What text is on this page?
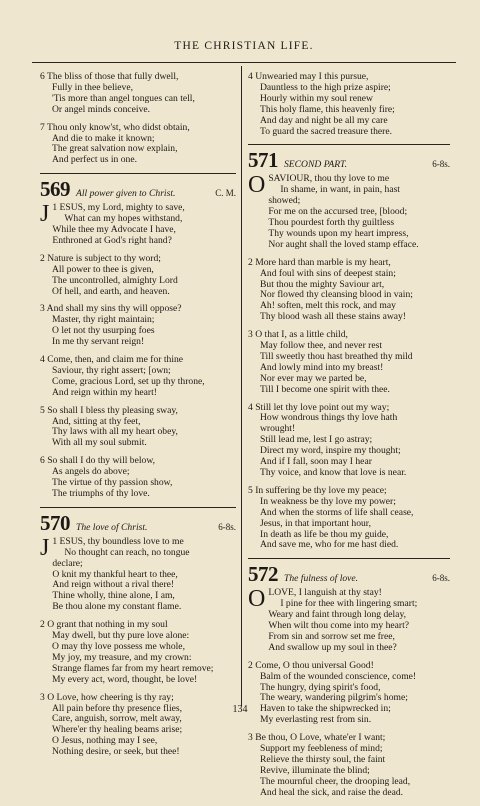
THE CHRISTIAN LIFE.
6 The bliss of those that fully dwell,
Fully in thee believe,
'Tis more than angel tongues can tell,
Or angel minds conceive.
7 Thou only know'st, who didst obtain,
And die to make it known;
The great salvation now explain,
And perfect us in one.
569 All power given to Christ.	C. M.
J 1 ESUS, my Lord, mighty to save,
What can my hopes withstand,
While thee my Advocate I have,
Enthroned at God's right hand?
2 Nature is subject to thy word;
All power to thee is given,
The uncontrolled, almighty Lord
Of hell, and earth, and heaven.
3 And shall my sins thy will oppose?
Master, thy right maintain;
O let not thy usurping foes
In me thy servant reign!
4 Come, then, and claim me for thine
Saviour, thy right assert; [own;
Come, gracious Lord, set up thy throne,
And reign within my heart!
5 So shall I bless thy pleasing sway,
And, sitting at thy feet,
Thy laws with all my heart obey,
With all my soul submit.
6 So shall I do thy will below,
As angels do above;
The virtue of thy passion show,
The triumphs of thy love.
570 The love of Christ.	6-8s.
J 1 ESUS, thy boundless love to me
No thought can reach, no tongue
declare;
O knit my thankful heart to thee,
And reign without a rival there!
Thine wholly, thine alone, I am,
Be thou alone my constant flame.
2 O grant that nothing in my soul
May dwell, but thy pure love alone:
O may thy love possess me whole,
My joy, my treasure, and my crown:
Strange flames far from my heart remove;
My every act, word, thought, be love!
3 O Love, how cheering is thy ray;
All pain before thy presence flies,
Care, anguish, sorrow, melt away,
Where'er thy healing beams arise;
O Jesus, nothing may I see,
Nothing desire, or seek, but thee!
4 Unwearied may I this pursue,
Dauntless to the high prize aspire;
Hourly within my soul renew
This holy flame, this heavenly fire;
And day and night be all my care
To guard the sacred treasure there.
571 SECOND PART.	6-8s.
O SAVIOUR, thou thy love to me
In shame, in want, in pain, hast
showed;
For me on the accursed tree, [blood;
Thou pourdest forth thy guiltless
Thy wounds upon my heart impress,
Nor aught shall the loved stamp efface.
2 More hard than marble is my heart,
And foul with sins of deepest stain;
But thou the mighty Saviour art,
Nor flowed thy cleansing blood in vain;
Ah! soften, melt this rock, and may
Thy blood wash all these stains away!
3 O that I, as a little child,
May follow thee, and never rest
Till sweetly thou hast breathed thy mild
And lowly mind into my breast!
Nor ever may we parted be,
Till I become one spirit with thee.
4 Still let thy love point out my way;
How wondrous things thy love hath
wrought!
Still lead me, lest I go astray;
Direct my word, inspire my thought;
And if I fall, soon may I hear
Thy voice, and know that love is near.
5 In suffering be thy love my peace;
In weakness be thy love my power;
And when the storms of life shall cease,
Jesus, in that important hour,
In death as life be thou my guide,
And save me, who for me hast died.
572 The fulness of love.	6-8s.
O LOVE, I languish at thy stay!
I pine for thee with lingering smart;
Weary and faint through long delay,
When wilt thou come into my heart?
From sin and sorrow set me free,
And swallow up my soul in thee?
2 Come, O thou universal Good!
Balm of the wounded conscience, come!
The hungry, dying spirit's food,
The weary, wandering pilgrim's home;
Haven to take the shipwrecked in;
My everlasting rest from sin.
3 Be thou, O Love, whate'er I want;
Support my feebleness of mind;
Relieve the thirsty soul, the faint
Revive, illuminate the blind;
The mournful cheer, the drooping lead,
And heal the sick, and raise the dead.
134
